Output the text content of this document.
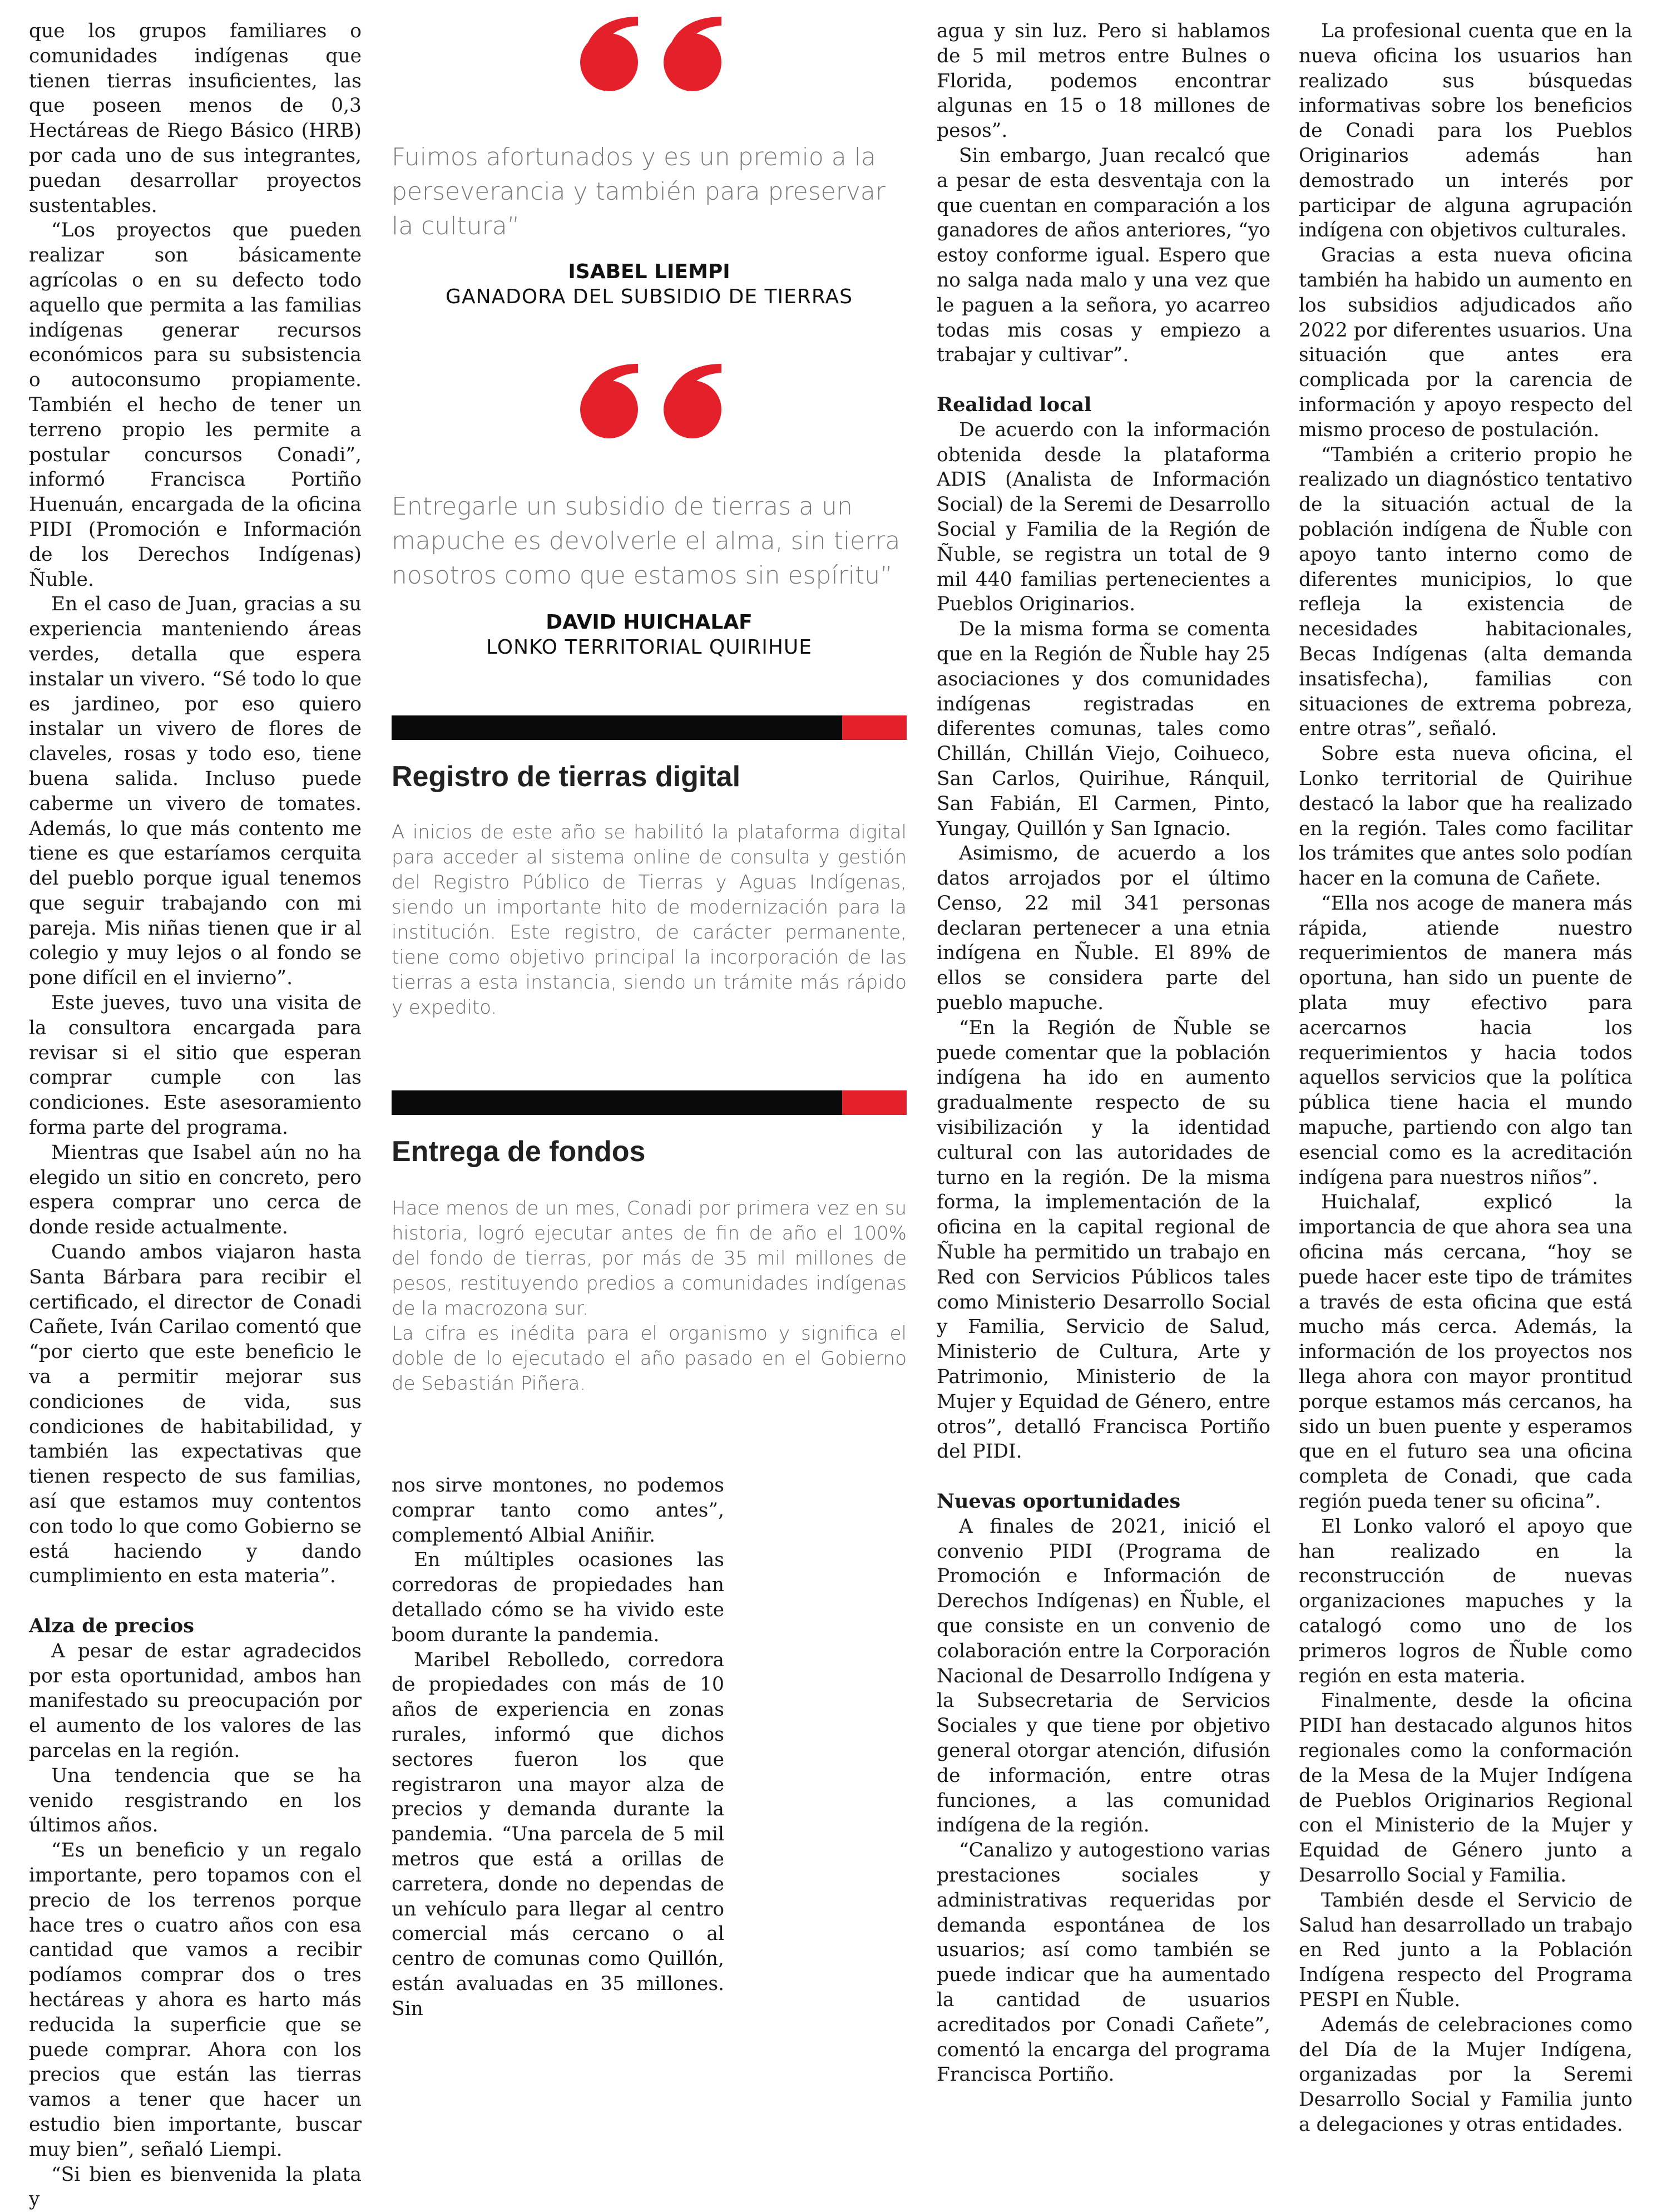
que los grupos familiares o comunidades indígenas que tienen tierras insuficientes, las que poseen menos de 0,3 Hectáreas de Riego Básico (HRB) por cada uno de sus integrantes, puedan desarrollar proyectos sustentables.

“Los proyectos que pueden realizar son básicamente agrícolas o en su defecto todo aquello que permita a las familias indígenas generar recursos económicos para su subsistencia o autoconsumo propiamente. También el hecho de tener un terreno propio les permite a postular concursos Conadi”, informó Francisca Portiño Huenuán, encargada de la oficina PIDI (Promoción e Información de los Derechos Indígenas) Ñuble.

En el caso de Juan, gracias a su experiencia manteniendo áreas verdes, detalla que espera instalar un vivero. “Sé todo lo que es jardineo, por eso quiero instalar un vivero de flores de claveles, rosas y todo eso, tiene buena salida. Incluso puede caberme un vivero de tomates. Además, lo que más contento me tiene es que estaríamos cerquita del pueblo porque igual tenemos que seguir trabajando con mi pareja. Mis niñas tienen que ir al colegio y muy lejos o al fondo se pone difícil en el invierno”.

Este jueves, tuvo una visita de la consultora encargada para revisar si el sitio que esperan comprar cumple con las condiciones. Este asesoramiento forma parte del programa.

Mientras que Isabel aún no ha elegido un sitio en concreto, pero espera comprar uno cerca de donde reside actualmente.

Cuando ambos viajaron hasta Santa Bárbara para recibir el certificado, el director de Conadi Cañete, Iván Carilao comentó que “por cierto que este beneficio le va a permitir mejorar sus condiciones de vida, sus condiciones de habitabilidad, y también las expectativas que tienen respecto de sus familias, así que estamos muy contentos con todo lo que como Gobierno se está haciendo y dando cumplimiento en esta materia”.

Alza de precios

A pesar de estar agradecidos por esta oportunidad, ambos han manifestado su preocupación por el aumento de los valores de las parcelas en la región.

Una tendencia que se ha venido resgistrando en los últimos años.

“Es un beneficio y un regalo importante, pero topamos con el precio de los terrenos porque hace tres o cuatro años con esa cantidad que vamos a recibir podíamos comprar dos o tres hectáreas y ahora es harto más reducida la superficie que se puede comprar. Ahora con los precios que están las tierras vamos a tener que hacer un estudio bien importante, buscar muy bien”, señaló Liempi.

“Si bien es bienvenida la plata y

Fuimos afortunados y es un premio a la perseverancia y también para preservar la cultura”
ISABEL LIEMPI
GANADORA DEL SUBSIDIO DE TIERRAS
Entregarle un subsidio de tierras a un mapuche es devolverle el alma, sin tierra nosotros como que estamos sin espíritu”
DAVID HUICHALAF
LONKO TERRITORIAL QUIRIHUE
Registro de tierras digital

A inicios de este año se habilitó la plataforma digital para acceder al sistema online de consulta y gestión del Registro Público de Tierras y Aguas Indígenas, siendo un importante hito de modernización para la institución. Este registro, de carácter permanente, tiene como objetivo principal la incorporación de las tierras a esta instancia, siendo un trámite más rápido y expedito.

Entrega de fondos

Hace menos de un mes, Conadi por primera vez en su historia, logró ejecutar antes de fin de año el 100% del fondo de tierras, por más de 35 mil millones de pesos, restituyendo predios a comunidades indígenas de la macrozona sur.

La cifra es inédita para el organismo y significa el doble de lo ejecutado el año pasado en el Gobierno de Sebastián Piñera.

nos sirve montones, no podemos comprar tanto como antes”, complementó Albial Aniñir.

En múltiples ocasiones las corredoras de propiedades han detallado cómo se ha vivido este boom durante la pandemia.

Maribel Rebolledo, corredora de propiedades con más de 10 años de experiencia en zonas rurales, informó que dichos sectores fueron los que registraron una mayor alza de precios y demanda durante la pandemia. “Una parcela de 5 mil metros que está a orillas de carretera, donde no dependas de un vehículo para llegar al centro comercial más cercano o al centro de comunas como Quillón, están avaluadas en 35 millones. Sin

agua y sin luz. Pero si hablamos de 5 mil metros entre Bulnes o Florida, podemos encontrar algunas en 15 o 18 millones de pesos”.

Sin embargo, Juan recalcó que a pesar de esta desventaja con la que cuentan en comparación a los ganadores de años anteriores, “yo estoy conforme igual. Espero que no salga nada malo y una vez que le paguen a la señora, yo acarreo todas mis cosas y empiezo a trabajar y cultivar”.

Realidad local

De acuerdo con la información obtenida desde la plataforma ADIS (Analista de Información Social) de la Seremi de Desarrollo Social y Familia de la Región de Ñuble, se registra un total de 9 mil 440 familias pertenecientes a Pueblos Originarios.

De la misma forma se comenta que en la Región de Ñuble hay 25 asociaciones y dos comunidades indígenas registradas en diferentes comunas, tales como Chillán, Chillán Viejo, Coihueco, San Carlos, Quirihue, Ránquil, San Fabián, El Carmen, Pinto, Yungay, Quillón y San Ignacio.

Asimismo, de acuerdo a los datos arrojados por el último Censo, 22 mil 341 personas declaran pertenecer a una etnia indígena en Ñuble. El 89% de ellos se considera parte del pueblo mapuche.

“En la Región de Ñuble se puede comentar que la población indígena ha ido en aumento gradualmente respecto de su visibilización y la identidad cultural con las autoridades de turno en la región. De la misma forma, la implementación de la oficina en la capital regional de Ñuble ha permitido un trabajo en Red con Servicios Públicos tales como Ministerio Desarrollo Social y Familia, Servicio de Salud, Ministerio de Cultura, Arte y Patrimonio, Ministerio de la Mujer y Equidad de Género, entre otros”, detalló Francisca Portiño del PIDI.

Nuevas oportunidades

A finales de 2021, inició el convenio PIDI (Programa de Promoción e Información de Derechos Indígenas) en Ñuble, el que consiste en un convenio de colaboración entre la Corporación Nacional de Desarrollo Indígena y la Subsecretaria de Servicios Sociales y que tiene por objetivo general otorgar atención, difusión de información, entre otras funciones, a las comunidad indígena de la región.

“Canalizo y autogestiono varias prestaciones sociales y administrativas requeridas por demanda espontánea de los usuarios; así como también se puede indicar que ha aumentado la cantidad de usuarios acreditados por Conadi Cañete”, comentó la encarga del programa Francisca Portiño.

La profesional cuenta que en la nueva oficina los usuarios han realizado sus búsquedas informativas sobre los beneficios de Conadi para los Pueblos Originarios además han demostrado un interés por participar de alguna agrupación indígena con objetivos culturales.

Gracias a esta nueva oficina también ha habido un aumento en los subsidios adjudicados año 2022 por diferentes usuarios. Una situación que antes era complicada por la carencia de información y apoyo respecto del mismo proceso de postulación.

“También a criterio propio he realizado un diagnóstico tentativo de la situación actual de la población indígena de Ñuble con apoyo tanto interno como de diferentes municipios, lo que refleja la existencia de necesidades habitacionales, Becas Indígenas (alta demanda insatisfecha), familias con situaciones de extrema pobreza, entre otras”, señaló.

Sobre esta nueva oficina, el Lonko territorial de Quirihue destacó la labor que ha realizado en la región. Tales como facilitar los trámites que antes solo podían hacer en la comuna de Cañete.

“Ella nos acoge de manera más rápida, atiende nuestro requerimientos de manera más oportuna, han sido un puente de plata muy efectivo para acercarnos hacia los requerimientos y hacia todos aquellos servicios que la política pública tiene hacia el mundo mapuche, partiendo con algo tan esencial como es la acreditación indígena para nuestros niños”.

Huichalaf, explicó la importancia de que ahora sea una oficina más cercana, “hoy se puede hacer este tipo de trámites a través de esta oficina que está mucho más cerca. Además, la información de los proyectos nos llega ahora con mayor prontitud porque estamos más cercanos, ha sido un buen puente y esperamos que en el futuro sea una oficina completa de Conadi, que cada región pueda tener su oficina”.

El Lonko valoró el apoyo que han realizado en la reconstrucción de nuevas organizaciones mapuches y la catalogó como uno de los primeros logros de Ñuble como región en esta materia.

Finalmente, desde la oficina PIDI han destacado algunos hitos regionales como la conformación de la Mesa de la Mujer Indígena de Pueblos Originarios Regional con el Ministerio de la Mujer y Equidad de Género junto a Desarrollo Social y Familia.

También desde el Servicio de Salud han desarrollado un trabajo en Red junto a la Población Indígena respecto del Programa PESPI en Ñuble.

Además de celebraciones como del Día de la Mujer Indígena, organizadas por la Seremi Desarrollo Social y Familia junto a delegaciones y otras entidades.
